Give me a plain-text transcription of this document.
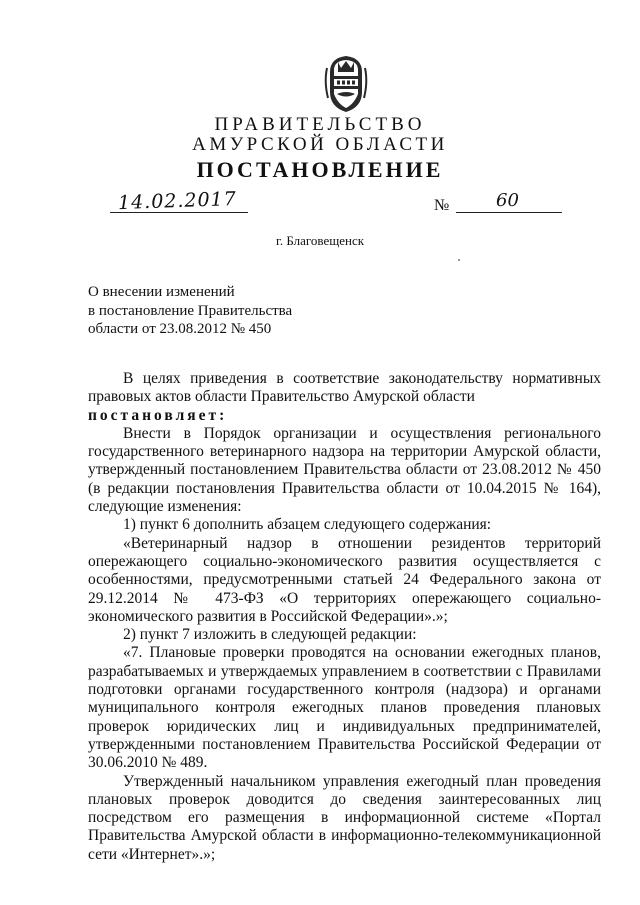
ПРАВИТЕЛЬСТВО
АМУРСКОЙ ОБЛАСТИ
ПОСТАНОВЛЕНИЕ
14.02.2017	№	60
г. Благовещенск
О внесении изменений
в постановление Правительства
области от 23.08.2012 № 450
В целях приведения в соответствие законодательству нормативных правовых актов области Правительство Амурской области
постановляет:
Внести в Порядок организации и осуществления регионального государственного ветеринарного надзора на территории Амурской области, утвержденный постановлением Правительства области от 23.08.2012 № 450 (в редакции постановления Правительства области от 10.04.2015 № 164), следующие изменения:
1) пункт 6 дополнить абзацем следующего содержания:
«Ветеринарный надзор в отношении резидентов территорий опережающего социально-экономического развития осуществляется с особенностями, предусмотренными статьей 24 Федерального закона от 29.12.2014 № 473-ФЗ «О территориях опережающего социально-экономического развития в Российской Федерации».»;
2) пункт 7 изложить в следующей редакции:
«7. Плановые проверки проводятся на основании ежегодных планов, разрабатываемых и утверждаемых управлением в соответствии с Правилами подготовки органами государственного контроля (надзора) и органами муниципального контроля ежегодных планов проведения плановых проверок юридических лиц и индивидуальных предпринимателей, утвержденными постановлением Правительства Российской Федерации от 30.06.2010 № 489.
Утвержденный начальником управления ежегодный план проведения плановых проверок доводится до сведения заинтересованных лиц посредством его размещения в информационной системе «Портал Правительства Амурской области в информационно-телекоммуникационной сети «Интернет».»;
